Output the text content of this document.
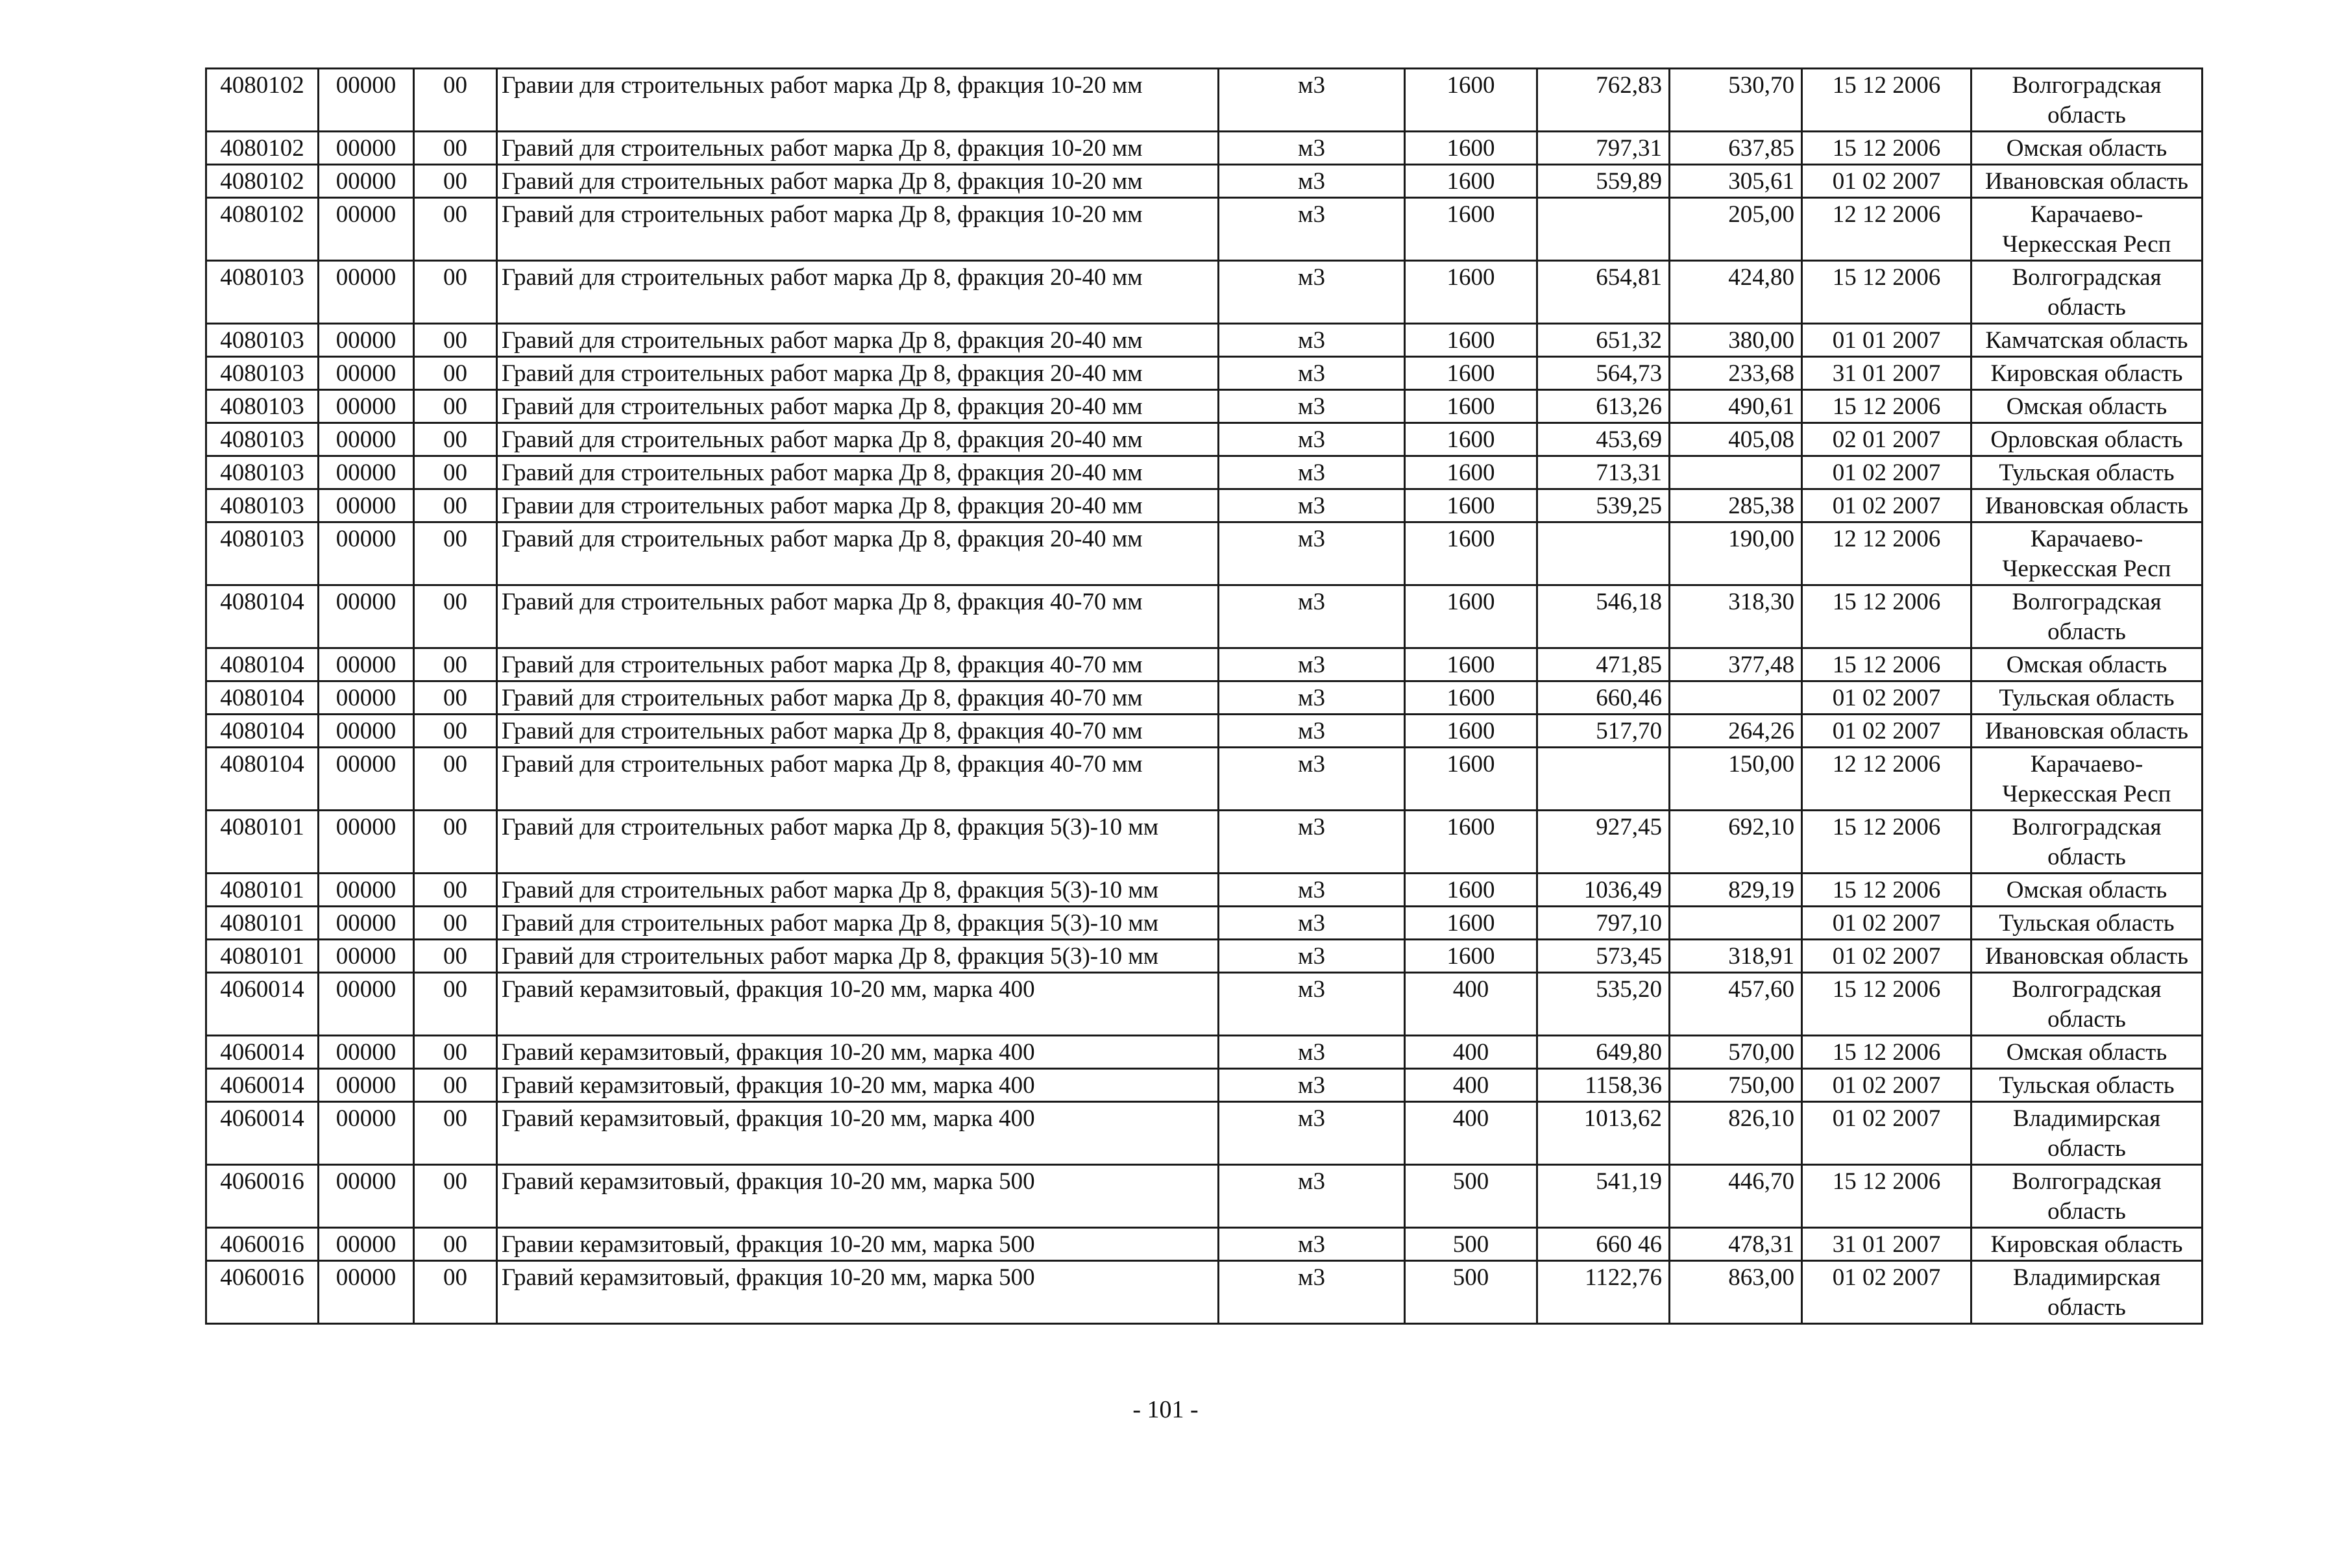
4080102	00000	00	Гравии для строительных работ марка Др 8, фракция 10-20 мм	м3	1600	762,83	530,70	15 12 2006	Волгоградская область
4080102	00000	00	Гравий для строительных работ марка Др 8, фракция 10-20 мм	м3	1600	797,31	637,85	15 12 2006	Омская область
4080102	00000	00	Гравий для строительных работ марка Др 8, фракция 10-20 мм	м3	1600	559,89	305,61	01 02 2007	Ивановская область
4080102	00000	00	Гравий для строительных работ марка Др 8, фракция 10-20 мм	м3	1600		205,00	12 12 2006	Карачаево-Черкесская Респ
4080103	00000	00	Гравий для строительных работ марка Др 8, фракция 20-40 мм	м3	1600	654,81	424,80	15 12 2006	Волгоградская область
4080103	00000	00	Гравий для строительных работ марка Др 8, фракция 20-40 мм	м3	1600	651,32	380,00	01 01 2007	Камчатская область
4080103	00000	00	Гравий для строительных работ марка Др 8, фракция 20-40 мм	м3	1600	564,73	233,68	31 01 2007	Кировская область
4080103	00000	00	Гравий для строительных работ марка Др 8, фракция 20-40 мм	м3	1600	613,26	490,61	15 12 2006	Омская область
4080103	00000	00	Гравий для строительных работ марка Др 8, фракция 20-40 мм	м3	1600	453,69	405,08	02 01 2007	Орловская область
4080103	00000	00	Гравий для строительных работ марка Др 8, фракция 20-40 мм	м3	1600	713,31		01 02 2007	Тульская область
4080103	00000	00	Гравии для строительных работ марка Др 8, фракция 20-40 мм	м3	1600	539,25	285,38	01 02 2007	Ивановская область
4080103	00000	00	Гравий для строительных работ марка Др 8, фракция 20-40 мм	м3	1600		190,00	12 12 2006	Карачаево-Черкесская Респ
4080104	00000	00	Гравий для строительных работ марка Др 8, фракция 40-70 мм	м3	1600	546,18	318,30	15 12 2006	Волгоградская область
4080104	00000	00	Гравий для строительных работ марка Др 8, фракция 40-70 мм	м3	1600	471,85	377,48	15 12 2006	Омская область
4080104	00000	00	Гравий для строительных работ марка Др 8, фракция 40-70 мм	м3	1600	660,46		01 02 2007	Тульская область
4080104	00000	00	Гравий для строительных работ марка Др 8, фракция 40-70 мм	м3	1600	517,70	264,26	01 02 2007	Ивановская область
4080104	00000	00	Гравий для строительных работ марка Др 8, фракция 40-70 мм	м3	1600		150,00	12 12 2006	Карачаево-Черкесская Респ
4080101	00000	00	Гравий для строительных работ марка Др 8, фракция 5(3)-10 мм	м3	1600	927,45	692,10	15 12 2006	Волгоградская область
4080101	00000	00	Гравий для строительных работ марка Др 8, фракция 5(3)-10 мм	м3	1600	1036,49	829,19	15 12 2006	Омская область
4080101	00000	00	Гравий для строительных работ марка Др 8, фракция 5(3)-10 мм	м3	1600	797,10		01 02 2007	Тульская область
4080101	00000	00	Гравий для строительных работ марка Др 8, фракция 5(3)-10 мм	м3	1600	573,45	318,91	01 02 2007	Ивановская область
4060014	00000	00	Гравий керамзитовый, фракция 10-20 мм, марка 400	м3	400	535,20	457,60	15 12 2006	Волгоградская область
4060014	00000	00	Гравий керамзитовый, фракция 10-20 мм, марка 400	м3	400	649,80	570,00	15 12 2006	Омская область
4060014	00000	00	Гравий керамзитовый, фракция 10-20 мм, марка 400	м3	400	1158,36	750,00	01 02 2007	Тульская область
4060014	00000	00	Гравий керамзитовый, фракция 10-20 мм, марка 400	м3	400	1013,62	826,10	01 02 2007	Владимирская область
4060016	00000	00	Гравий керамзитовый, фракция 10-20 мм, марка 500	м3	500	541,19	446,70	15 12 2006	Волгоградская область
4060016	00000	00	Гравии керамзитовый, фракция 10-20 мм, марка 500	м3	500	660 46	478,31	31 01 2007	Кировская область
4060016	00000	00	Гравий керамзитовый, фракция 10-20 мм, марка 500	м3	500	1122,76	863,00	01 02 2007	Владимирская область
- 101 -
